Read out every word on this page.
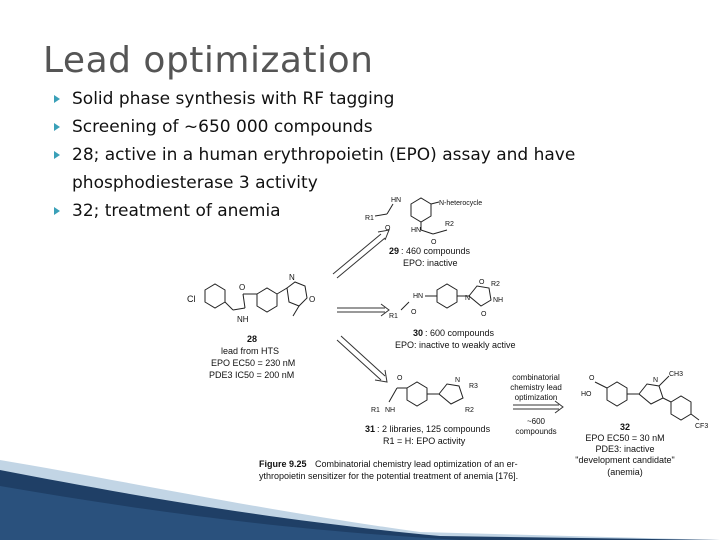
Lead optimization
Solid phase synthesis with RF tagging
Screening of ~650 000 compounds
28; active in a human erythropoietin (EPO) assay and have phosphodiesterase 3 activity
32; treatment of anemia
Cl
NH
O
N
O
28
lead from HTS
EPO EC50 = 230 nM
PDE3 IC50 = 200 nM
HN	N-heterocycle
R1
O	HN
R2
O
29 : 460 compounds
EPO: inactive
O R2
HN	N	NH
R1
O	O
30 : 600 compounds
EPO: inactive to weakly active
O	N
R3
R1 NH	R2
31 : 2 libraries, 125 compounds
R1 = H: EPO activity
combinatorial
chemistry lead
optimization
~600
compounds
O
HO
N
CH3
CF3
32
EPO EC50 = 30 nM
PDE3: inactive
"development candidate"
(anemia)
Figure 9.25 Combinatorial chemistry lead optimization of an er-
ythropoietin sensitizer for the potential treatment of anemia [176].
